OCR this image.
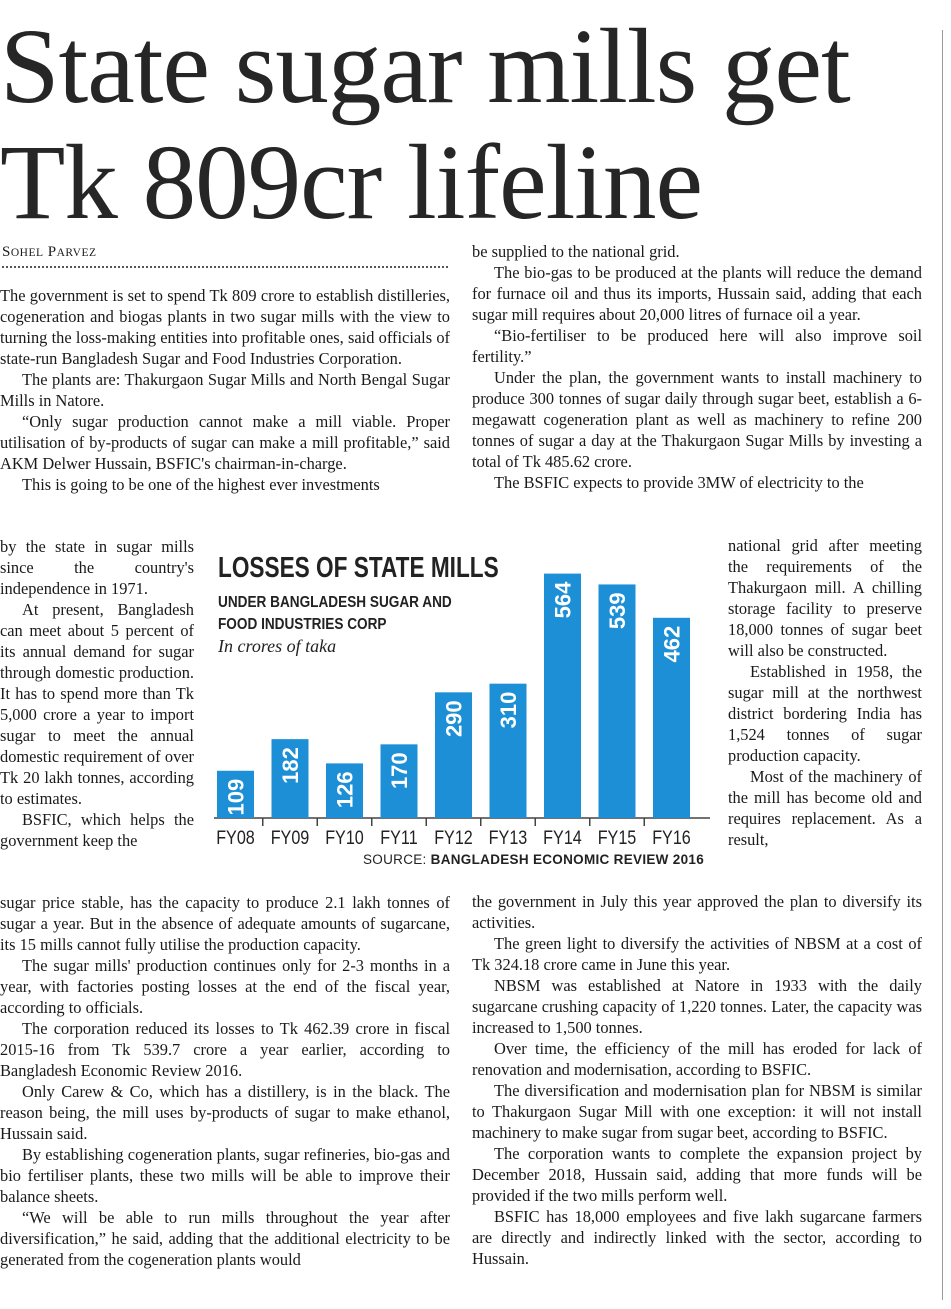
State sugar mills get
Tk 809cr lifeline
SOHEL PARVEZ

The government is set to spend Tk 809 crore to establish distilleries, cogeneration and biogas plants in two sugar mills with the view to turning the loss-making entities into profitable ones, said officials of state-run Bangladesh Sugar and Food Industries Corporation.

The plants are: Thakurgaon Sugar Mills and North Bengal Sugar Mills in Natore.

“Only sugar production cannot make a mill viable. Proper utilisation of by-products of sugar can make a mill profitable,” said AKM Delwer Hussain, BSFIC's chairman-in-charge.

This is going to be one of the highest ever investments

by the state in sugar mills since the country's independence in 1971.

At present, Bangladesh can meet about 5 percent of its annual demand for sugar through domestic production. It has to spend more than Tk 5,000 crore a year to import sugar to meet the annual domestic requirement of over Tk 20 lakh tonnes, according to estimates.

BSFIC, which helps the government keep the

sugar price stable, has the capacity to produce 2.1 lakh tonnes of sugar a year. But in the absence of adequate amounts of sugarcane, its 15 mills cannot fully utilise the production capacity.

The sugar mills' production continues only for 2-3 months in a year, with factories posting losses at the end of the fiscal year, according to officials.

The corporation reduced its losses to Tk 462.39 crore in fiscal 2015-16 from Tk 539.7 crore a year earlier, according to Bangladesh Economic Review 2016.

Only Carew & Co, which has a distillery, is in the black. The reason being, the mill uses by-products of sugar to make ethanol, Hussain said.

By establishing cogeneration plants, sugar refineries, bio-gas and bio fertiliser plants, these two mills will be able to improve their balance sheets.

“We will be able to run mills throughout the year after diversification,” he said, adding that the additional electricity to be generated from the cogeneration plants would

be supplied to the national grid.

The bio-gas to be produced at the plants will reduce the demand for furnace oil and thus its imports, Hussain said, adding that each sugar mill requires about 20,000 litres of furnace oil a year.

“Bio-fertiliser to be produced here will also improve soil fertility.”

Under the plan, the government wants to install machinery to produce 300 tonnes of sugar daily through sugar beet, establish a 6-megawatt cogeneration plant as well as machinery to refine 200 tonnes of sugar a day at the Thakurgaon Sugar Mills by investing a total of Tk 485.62 crore.

The BSFIC expects to provide 3MW of electricity to the

national grid after meeting the requirements of the Thakurgaon mill. A chilling storage facility to preserve 18,000 tonnes of sugar beet will also be constructed.

Established in 1958, the sugar mill at the northwest district bordering India has 1,524 tonnes of sugar production capacity.

Most of the machinery of the mill has become old and requires replacement. As a result,

the government in July this year approved the plan to diversify its activities.

The green light to diversify the activities of NBSM at a cost of Tk 324.18 crore came in June this year.

NBSM was established at Natore in 1933 with the daily sugarcane crushing capacity of 1,220 tonnes. Later, the capacity was increased to 1,500 tonnes.

Over time, the efficiency of the mill has eroded for lack of renovation and modernisation, according to BSFIC.

The diversification and modernisation plan for NBSM is similar to Thakurgaon Sugar Mill with one exception: it will not install machinery to make sugar from sugar beet, according to BSFIC.

The corporation wants to complete the expansion project by December 2018, Hussain said, adding that more funds will be provided if the two mills perform well.

BSFIC has 18,000 employees and five lakh sugarcane farmers are directly and indirectly linked with the sector, according to Hussain.

LOSSES OF STATE MILLS
UNDER BANGLADESH SUGAR AND
FOOD INDUSTRIES CORP
In crores of taka
109
FY08
182
FY09
126
FY10
170
FY11
290
FY12
310
FY13
564
FY14
539
FY15
462
FY16
SOURCE: BANGLADESH ECONOMIC REVIEW 2016
